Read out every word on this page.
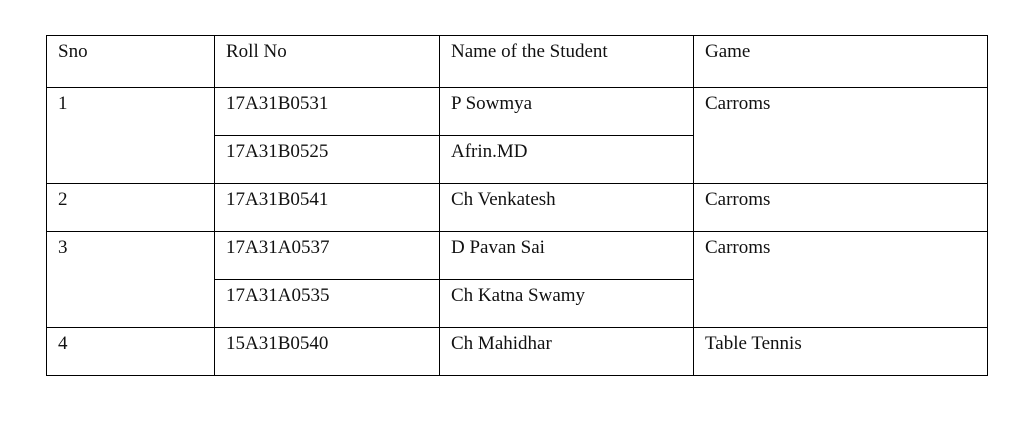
Sno	Roll No	Name of the Student	Game
1	17A31B0531	P Sowmya	Carroms
	17A31B0525	Afrin.MD	
2	17A31B0541	Ch Venkatesh	Carroms
3	17A31A0537	D Pavan Sai	Carroms
	17A31A0535	Ch Katna Swamy	
4	15A31B0540	Ch Mahidhar	Table Tennis
